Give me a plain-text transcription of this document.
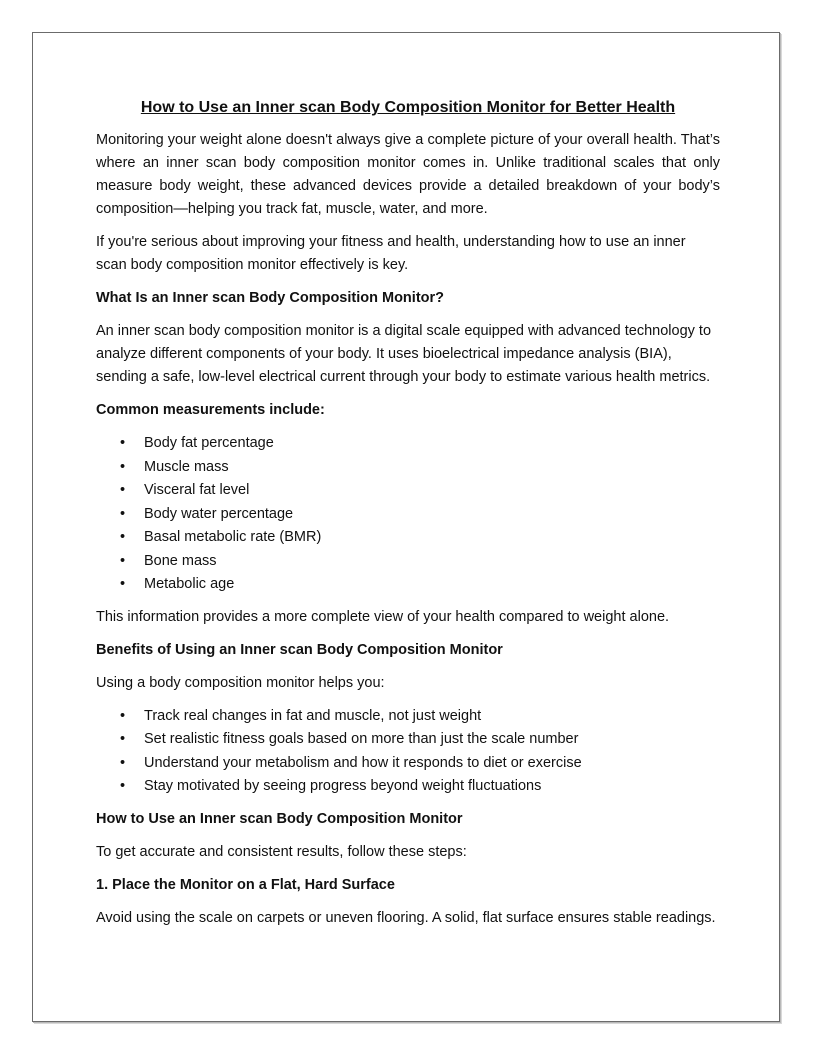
How to Use an Inner scan Body Composition Monitor for Better Health

Monitoring your weight alone doesn't always give a complete picture of your overall health. That’s where an inner scan body composition monitor comes in. Unlike traditional scales that only measure body weight, these advanced devices provide a detailed breakdown of your body’s composition—helping you track fat, muscle, water, and more.

If you're serious about improving your fitness and health, understanding how to use an inner scan body composition monitor effectively is key.

What Is an Inner scan Body Composition Monitor?

An inner scan body composition monitor is a digital scale equipped with advanced technology to analyze different components of your body. It uses bioelectrical impedance analysis (BIA), sending a safe, low-level electrical current through your body to estimate various health metrics.

Common measurements include:

• Body fat percentage
• Muscle mass
• Visceral fat level
• Body water percentage
• Basal metabolic rate (BMR)
• Bone mass
• Metabolic age

This information provides a more complete view of your health compared to weight alone.

Benefits of Using an Inner scan Body Composition Monitor

Using a body composition monitor helps you:

• Track real changes in fat and muscle, not just weight
• Set realistic fitness goals based on more than just the scale number
• Understand your metabolism and how it responds to diet or exercise
• Stay motivated by seeing progress beyond weight fluctuations

How to Use an Inner scan Body Composition Monitor

To get accurate and consistent results, follow these steps:

1. Place the Monitor on a Flat, Hard Surface

Avoid using the scale on carpets or uneven flooring. A solid, flat surface ensures stable readings.
